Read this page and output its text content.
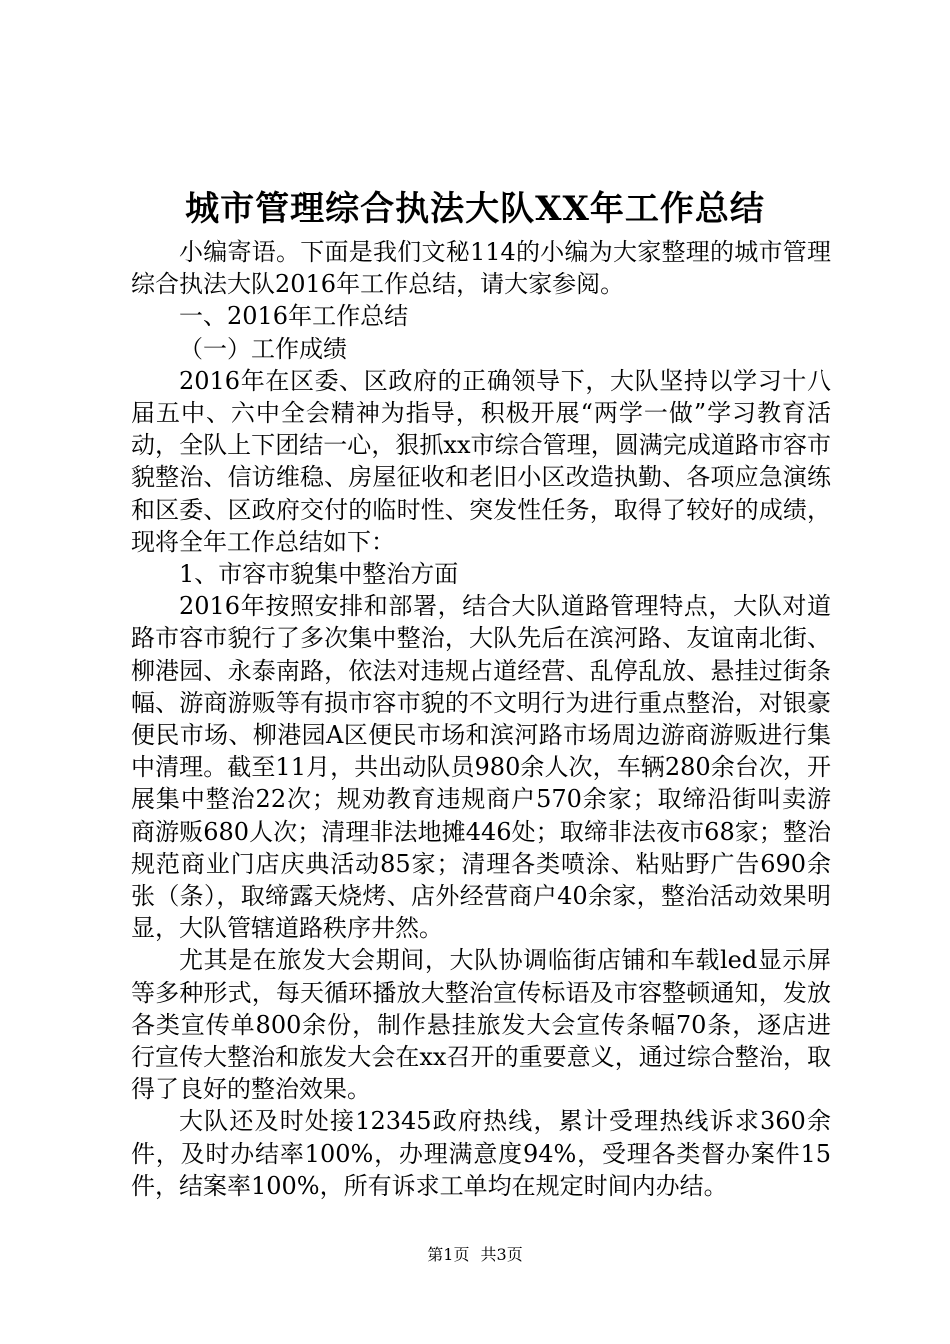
城市管理综合执法大队XX年工作总结

小编寄语。下面是我们文秘114的小编为大家整理的城市管理综合执法大队2016年工作总结，请大家参阅。

一、2016年工作总结

（一）工作成绩

2016年在区委、区政府的正确领导下，大队坚持以学习十八届五中、六中全会精神为指导，积极开展“两学一做”学习教育活动，全队上下团结一心，狠抓xx市综合管理，圆满完成道路市容市貌整治、信访维稳、房屋征收和老旧小区改造执勤、各项应急演练和区委、区政府交付的临时性、突发性任务，取得了较好的成绩，现将全年工作总结如下：

1、市容市貌集中整治方面

2016年按照安排和部署，结合大队道路管理特点，大队对道路市容市貌行了多次集中整治，大队先后在滨河路、友谊南北街、柳港园、永泰南路，依法对违规占道经营、乱停乱放、悬挂过街条幅、游商游贩等有损市容市貌的不文明行为进行重点整治，对银豪便民市场、柳港园A区便民市场和滨河路市场周边游商游贩进行集中清理。截至11月，共出动队员980余人次，车辆280余台次，开展集中整治22次；规劝教育违规商户570余家；取缔沿街叫卖游商游贩680人次；清理非法地摊446处；取缔非法夜市68家；整治规范商业门店庆典活动85家；清理各类喷涂、粘贴野广告690余张（条），取缔露天烧烤、店外经营商户40余家，整治活动效果明显，大队管辖道路秩序井然。

尤其是在旅发大会期间，大队协调临街店铺和车载led显示屏等多种形式，每天循环播放大整治宣传标语及市容整顿通知，发放各类宣传单800余份，制作悬挂旅发大会宣传条幅70条，逐店进行宣传大整治和旅发大会在xx召开的重要意义，通过综合整治，取得了良好的整治效果。

大队还及时处接12345政府热线，累计受理热线诉求360余件，及时办结率100%，办理满意度94%，受理各类督办案件15件，结案率100%，所有诉求工单均在规定时间内办结。

第1页 共3页
